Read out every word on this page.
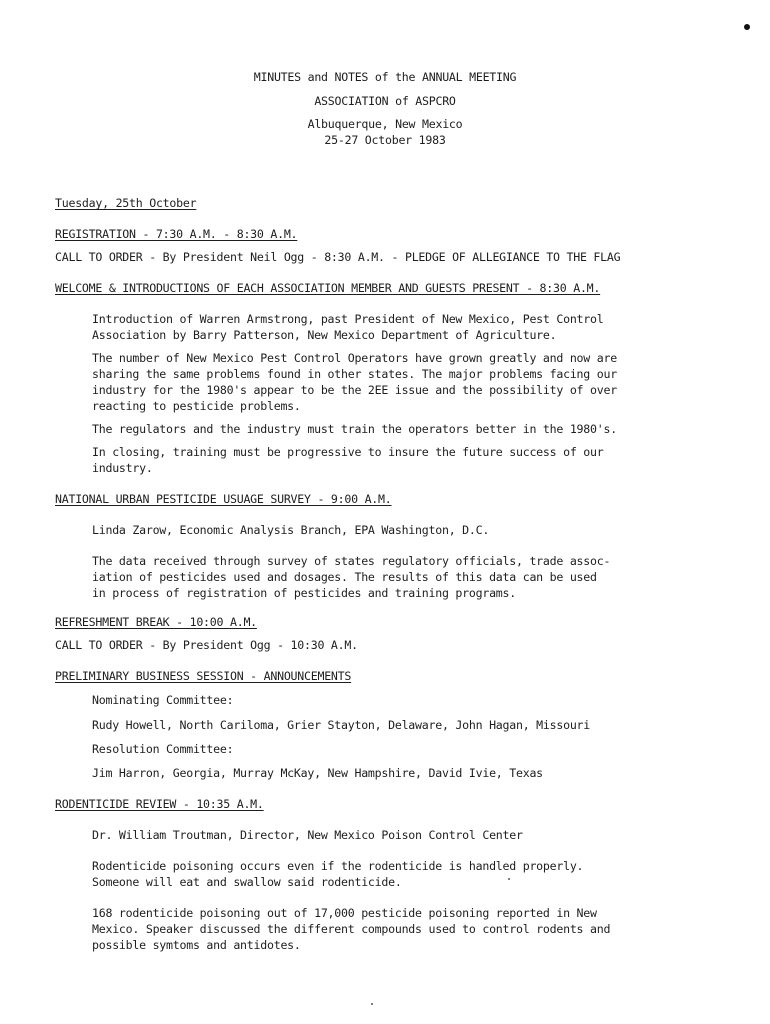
MINUTES and NOTES of the ANNUAL MEETING
ASSOCIATION of ASPCRO
Albuquerque, New Mexico
25-27 October 1983
Tuesday, 25th October
REGISTRATION - 7:30 A.M. - 8:30 A.M.
CALL TO ORDER - By President Neil Ogg - 8:30 A.M. - PLEDGE OF ALLEGIANCE TO THE FLAG
WELCOME & INTRODUCTIONS OF EACH ASSOCIATION MEMBER AND GUESTS PRESENT - 8:30 A.M.
Introduction of Warren Armstrong, past President of New Mexico, Pest Control
Association by Barry Patterson, New Mexico Department of Agriculture.
The number of New Mexico Pest Control Operators have grown greatly and now are
sharing the same problems found in other states. The major problems facing our
industry for the 1980's appear to be the 2EE issue and the possibility of over
reacting to pesticide problems.
The regulators and the industry must train the operators better in the 1980's.
In closing, training must be progressive to insure the future success of our
industry.
NATIONAL URBAN PESTICIDE USUAGE SURVEY - 9:00 A.M.
Linda Zarow, Economic Analysis Branch, EPA Washington, D.C.
The data received through survey of states regulatory officials, trade assoc-
iation of pesticides used and dosages. The results of this data can be used
in process of registration of pesticides and training programs.
REFRESHMENT BREAK - 10:00 A.M.
CALL TO ORDER - By President Ogg - 10:30 A.M.
PRELIMINARY BUSINESS SESSION - ANNOUNCEMENTS
Nominating Committee:
Rudy Howell, North Cariloma, Grier Stayton, Delaware, John Hagan, Missouri
Resolution Committee:
Jim Harron, Georgia, Murray McKay, New Hampshire, David Ivie, Texas
RODENTICIDE REVIEW - 10:35 A.M.
Dr. William Troutman, Director, New Mexico Poison Control Center
Rodenticide poisoning occurs even if the rodenticide is handled properly.
Someone will eat and swallow said rodenticide.
168 rodenticide poisoning out of 17,000 pesticide poisoning reported in New
Mexico. Speaker discussed the different compounds used to control rodents and
possible symtoms and antidotes.
